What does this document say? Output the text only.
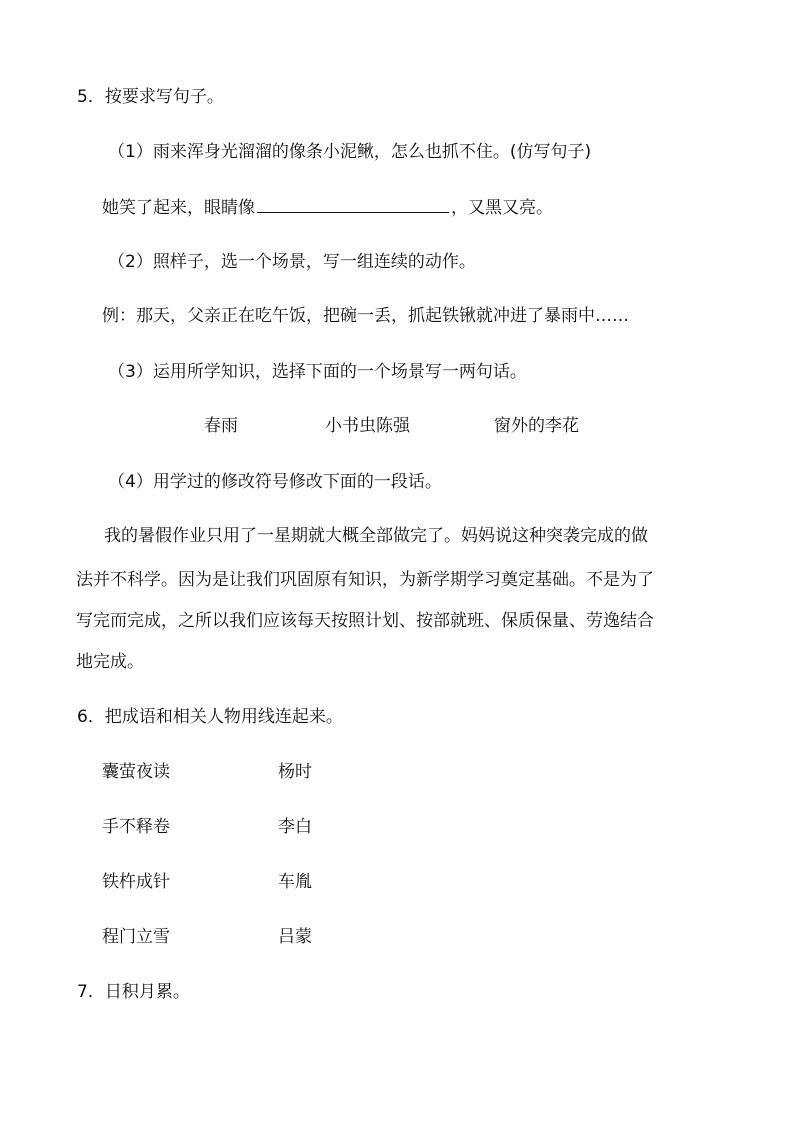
5．按要求写句子。
（1）雨来浑身光溜溜的像条小泥鳅，怎么也抓不住。(仿写句子)
她笑了起来，眼睛像	，又黑又亮。
（2）照样子，选一个场景，写一组连续的动作。
例：那天，父亲正在吃午饭，把碗一丢，抓起铁锹就冲进了暴雨中……
（3）运用所学知识，选择下面的一个场景写一两句话。
春雨	小书虫陈强	窗外的李花
（4）用学过的修改符号修改下面的一段话。
我的暑假作业只用了一星期就大概全部做完了。妈妈说这种突袭完成的做
法并不科学。因为是让我们巩固原有知识，为新学期学习奠定基础。不是为了
写完而完成，之所以我们应该每天按照计划、按部就班、保质保量、劳逸结合
地完成。
6．把成语和相关人物用线连起来。
囊萤夜读	杨时
手不释卷	李白
铁杵成针	车胤
程门立雪	吕蒙
7．日积月累。
